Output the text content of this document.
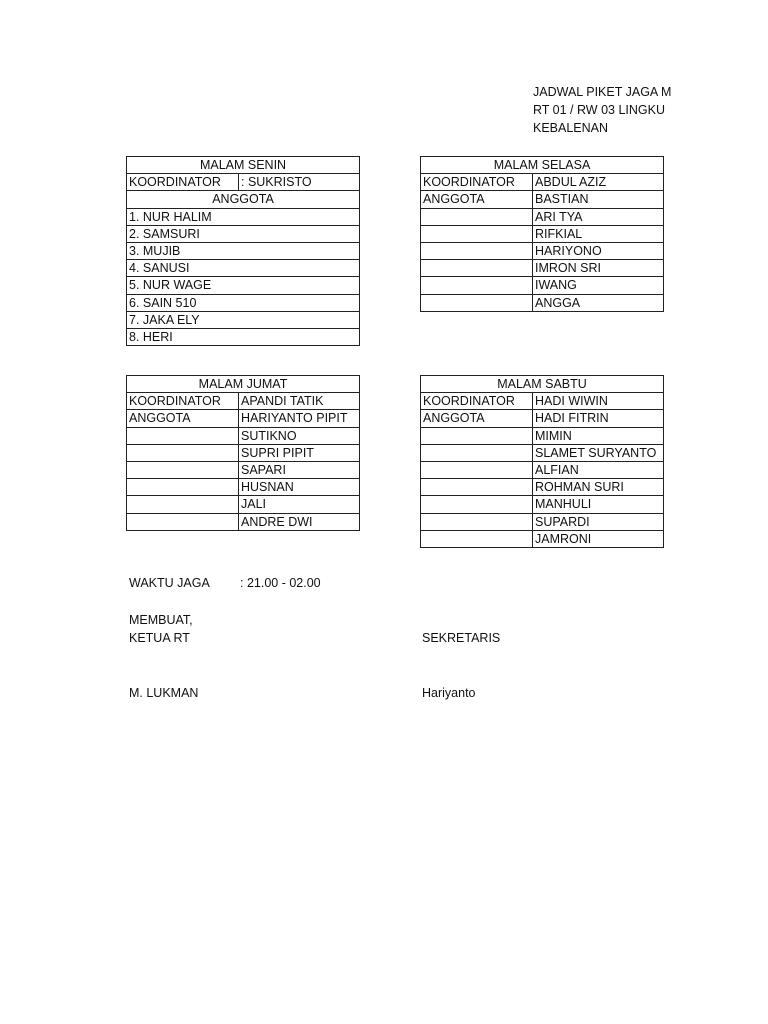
JADWAL PIKET JAGA M
RT 01 / RW 03 LINGKU
KEBALENAN
MALAM SENIN
KOORDINATOR	: SUKRISTO
ANGGOTA
1. NUR HALIM
2. SAMSURI
3. MUJIB
4. SANUSI
5. NUR WAGE
6. SAIN 510
7. JAKA ELY
8. HERI
MALAM SELASA	
KOORDINATOR	ABDUL AZIZ
ANGGOTA	BASTIAN
	ARI TYA
	RIFKIAL
	HARIYONO
	IMRON SRI
	IWANG
	ANGGA
MALAM JUMAT	
KOORDINATOR	APANDI TATIK
ANGGOTA	HARIYANTO PIPIT
	SUTIKNO
	SUPRI PIPIT
	SAPARI
	HUSNAN
	JALI
	ANDRE DWI
MALAM SABTU	
KOORDINATOR	HADI WIWIN
ANGGOTA	HADI FITRIN
	MIMIN
	SLAMET SURYANTO
	ALFIAN
	ROHMAN SURI
	MANHULI
	SUPARDI
	JAMRONI
WAKTU JAGA : 21.00 - 02.00
MEMBUAT,
KETUA RT	SEKRETARIS
M. LUKMAN	Hariyanto
